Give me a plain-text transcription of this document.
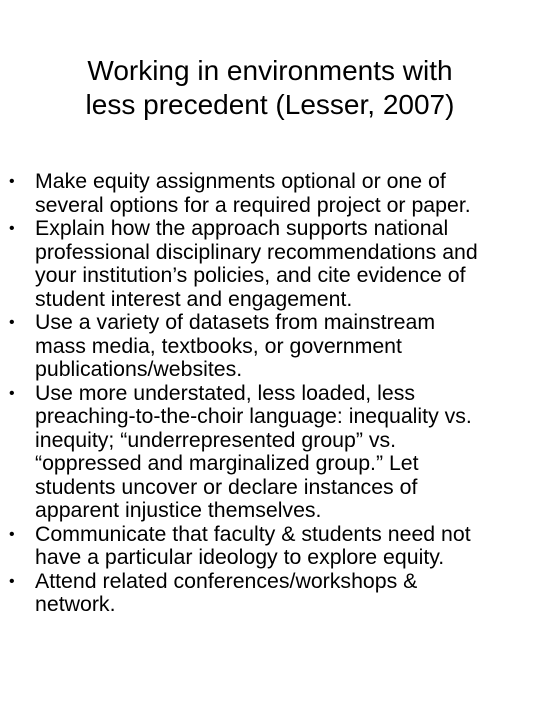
Working in environments with
less precedent (Lesser, 2007)
• Make equity assignments optional or one of
several options for a required project or paper.
• Explain how the approach supports national
professional disciplinary recommendations and
your institution’s policies, and cite evidence of
student interest and engagement.
• Use a variety of datasets from mainstream
mass media, textbooks, or government
publications/websites.
• Use more understated, less loaded, less
preaching-to-the-choir language: inequality vs.
inequity; “underrepresented group” vs.
“oppressed and marginalized group.” Let
students uncover or declare instances of
apparent injustice themselves.
• Communicate that faculty & students need not
have a particular ideology to explore equity.
• Attend related conferences/workshops &
network.
